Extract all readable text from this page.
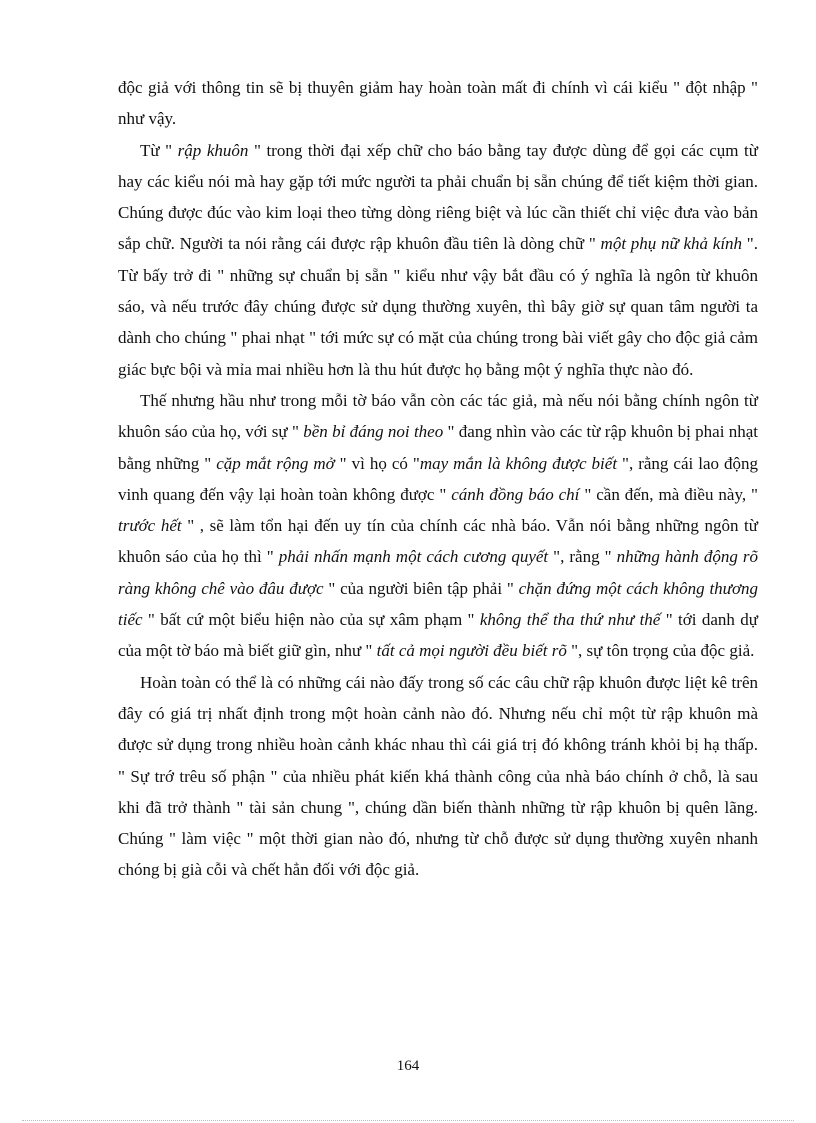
độc giả với thông tin sẽ bị thuyên giảm hay hoàn toàn mất đi chính vì cái kiểu " đột nhập " như vậy.

Từ " rập khuôn " trong thời đại xếp chữ cho báo bằng tay được dùng để gọi các cụm từ hay các kiểu nói mà hay gặp tới mức người ta phải chuẩn bị sẵn chúng để tiết kiệm thời gian. Chúng được đúc vào kim loại theo từng dòng riêng biệt và lúc cần thiết chỉ việc đưa vào bản sắp chữ. Người ta nói rằng cái được rập khuôn đầu tiên là dòng chữ " một phụ nữ khả kính ". Từ bấy trở đi " những sự chuẩn bị sẵn " kiểu như vậy bắt đầu có ý nghĩa là ngôn từ khuôn sáo, và nếu trước đây chúng được sử dụng thường xuyên, thì bây giờ sự quan tâm người ta dành cho chúng " phai nhạt " tới mức sự có mặt của chúng trong bài viết gây cho độc giả cảm giác bực bội và mỉa mai nhiều hơn là thu hút được họ bằng một ý nghĩa thực nào đó.

Thế nhưng hầu như trong mỗi tờ báo vẫn còn các tác giả, mà nếu nói bằng chính ngôn từ khuôn sáo của họ, với sự " bền bỉ đáng noi theo " đang nhìn vào các từ rập khuôn bị phai nhạt bằng những " cặp mắt rộng mở " vì họ có "may mắn là không được biết ", rằng cái lao động vinh quang đến vậy lại hoàn toàn không được " cánh đồng báo chí " cần đến, mà điều này, " trước hết " , sẽ làm tổn hại đến uy tín của chính các nhà báo. Vẫn nói bằng những ngôn từ khuôn sáo của họ thì " phải nhấn mạnh một cách cương quyết ", rằng " những hành động rõ ràng không chê vào đâu được " của người biên tập phải " chặn đứng một cách không thương tiếc " bất cứ một biểu hiện nào của sự xâm phạm " không thể tha thứ như thế " tới danh dự của một tờ báo mà biết giữ gìn, như " tất cả mọi người đều biết rõ ", sự tôn trọng của độc giả.

Hoàn toàn có thể là có những cái nào đấy trong số các câu chữ rập khuôn được liệt kê trên đây có giá trị nhất định trong một hoàn cảnh nào đó. Nhưng nếu chỉ một từ rập khuôn mà được sử dụng trong nhiều hoàn cảnh khác nhau thì cái giá trị đó không tránh khỏi bị hạ thấp. " Sự trớ trêu số phận " của nhiều phát kiến khá thành công của nhà báo chính ở chỗ, là sau khi đã trở thành " tài sản chung ", chúng dần biến thành những từ rập khuôn bị quên lãng. Chúng " làm việc " một thời gian nào đó, nhưng từ chỗ được sử dụng thường xuyên nhanh chóng bị già cỗi và chết hẳn đối với độc giả.

164
